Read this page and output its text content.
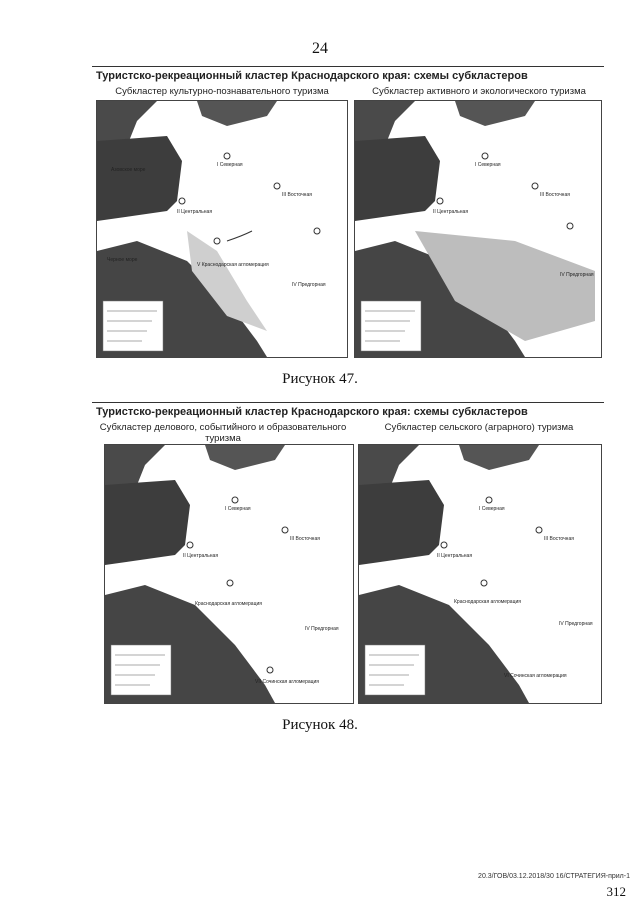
24
Туристско-рекреационный кластер Краснодарского края: схемы субкластеров
Субкластер культурно-познавательного туризма	Субкластер активного и экологического туризма
Азовское море
Черное море
I Северная
III Восточная
II Центральная
V Краснодарская агломерация
IV Предгорная
I Северная
III Восточная
II Центральная
IV Предгорная
Рисунок 47.
Туристско-рекреационный кластер Краснодарского края: схемы субкластеров
Субкластер делового, событийного и образовательного туризма
Субкластер сельского (аграрного) туризма
I Северная
III Восточная
II Центральная
IV Предгорная
Краснодарская агломерация
VII Сочинская агломерация
I Северная
III Восточная
II Центральная
IV Предгорная
Краснодарская агломерация
VI Сочинская агломерация
Рисунок 48.
20.3/ГОВ/03.12.2018/30 16/СТРАТЕГИЯ-прил-1
312
